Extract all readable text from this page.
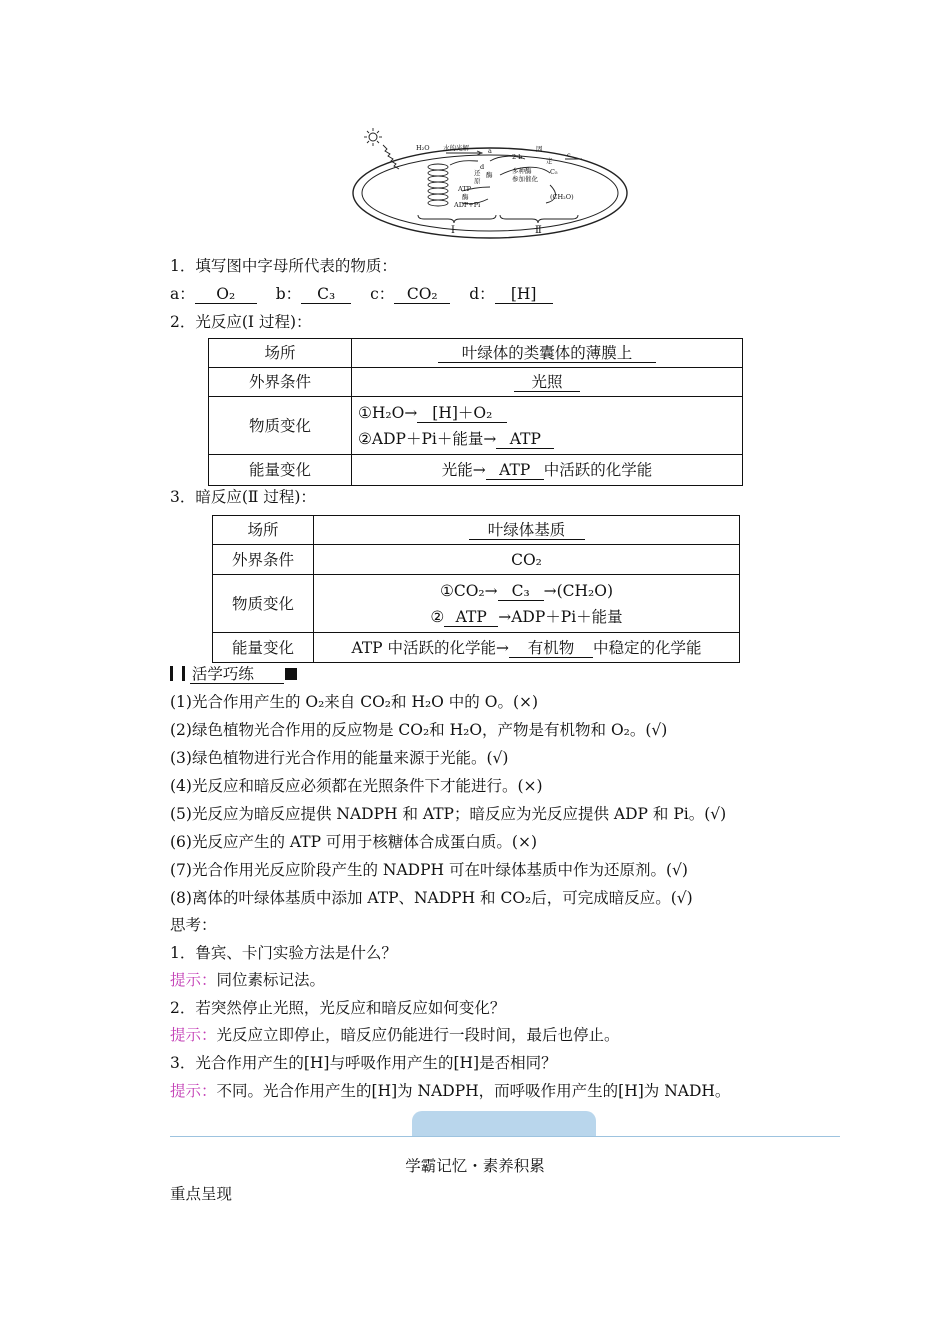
H₂O 水的光解	a
2 b	c
固
定
C₅
d
酶
还
原
多种酶
参加催化
ATP
酶
ADP+Pi
(CH₂O)
Ⅰ	Ⅱ
1．填写图中字母所代表的物质：
a： O₂	b： C₃ c： CO₂ d： [H]
2．光反应(Ⅰ 过程)：
场所	叶绿体的类囊体的薄膜上
外界条件	光照
物质变化	①H₂O→ [H]＋O₂
②ADP＋Pi＋能量→ ATP

能量变化	光能→ ATP 中活跃的化学能
3．暗反应(Ⅱ 过程)：
场所	叶绿体基质
外界条件	CO₂
物质变化	①CO₂→ C₃ →(CH₂O)
② ATP →ADP＋Pi＋能量

能量变化	ATP 中活跃的化学能→ 有机物 中稳定的化学能
活学巧练
(1)光合作用产生的 O₂来自 CO₂和 H₂O 中的 O。(×)
(2)绿色植物光合作用的反应物是 CO₂和 H₂O，产物是有机物和 O₂。(√)
(3)绿色植物进行光合作用的能量来源于光能。(√)
(4)光反应和暗反应必须都在光照条件下才能进行。(×)
(5)光反应为暗反应提供 NADPH 和 ATP；暗反应为光反应提供 ADP 和 Pi。(√)
(6)光反应产生的 ATP 可用于核糖体合成蛋白质。(×)
(7)光合作用光反应阶段产生的 NADPH 可在叶绿体基质中作为还原剂。(√)
(8)离体的叶绿体基质中添加 ATP、NADPH 和 CO₂后，可完成暗反应。(√)
思考：
1．鲁宾、卡门实验方法是什么？
提示：同位素标记法。
2．若突然停止光照，光反应和暗反应如何变化？
提示：光反应立即停止，暗反应仍能进行一段时间，最后也停止。
3．光合作用产生的[H]与呼吸作用产生的[H]是否相同？
提示：不同。光合作用产生的[H]为 NADPH，而呼吸作用产生的[H]为 NADH。
学霸记忆・素养积累
重点呈现
